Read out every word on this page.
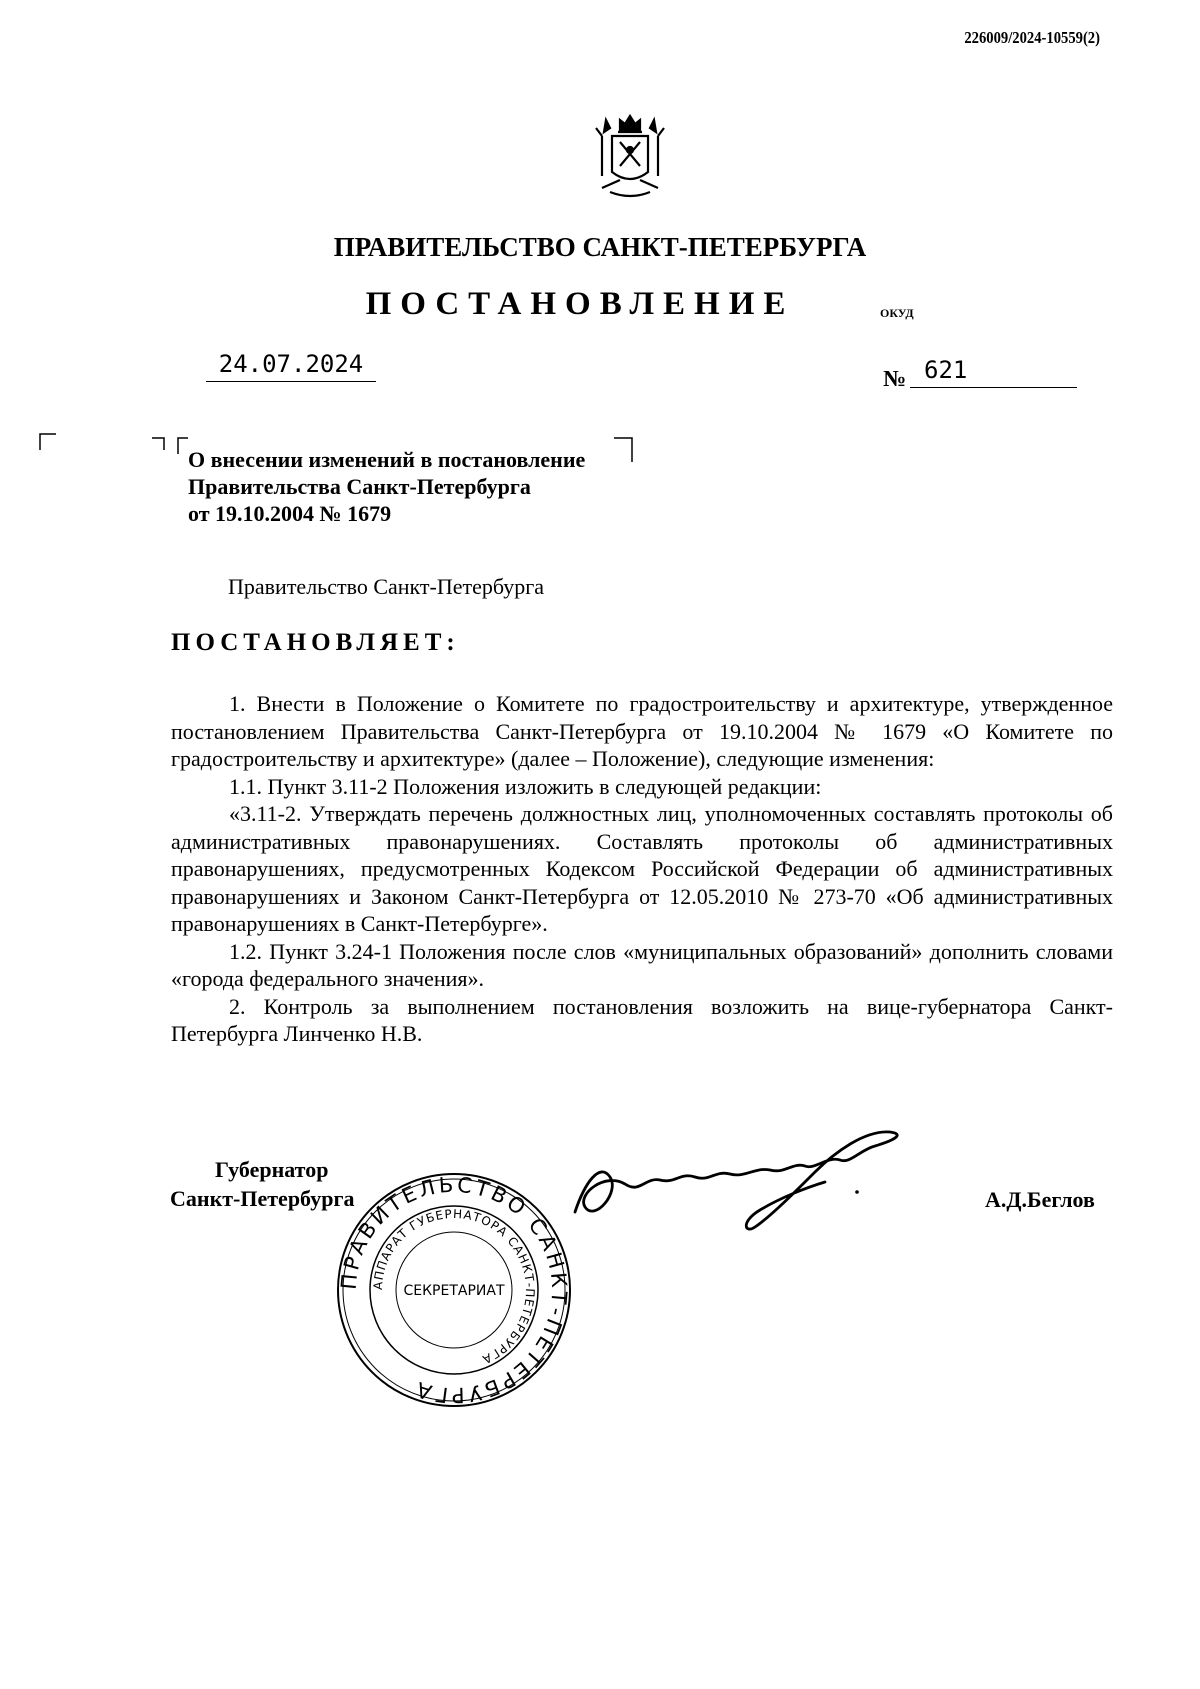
226009/2024-10559(2)
ПРАВИТЕЛЬСТВО САНКТ-ПЕТЕРБУРГА
ПОСТАНОВЛЕНИЕ	ОКУД
24.07.2024
№ 621
О внесении изменений в постановление
Правительства Санкт-Петербурга
от 19.10.2004 № 1679
Правительство Санкт-Петербурга
ПОСТАНОВЛЯЕТ:

1. Внести в Положение о Комитете по градостроительству и архитектуре, утвержденное постановлением Правительства Санкт-Петербурга от 19.10.2004 № 1679 «О Комитете по градостроительству и архитектуре» (далее – Положение), следующие изменения:

1.1. Пункт 3.11-2 Положения изложить в следующей редакции:

«3.11-2. Утверждать перечень должностных лиц, уполномоченных составлять протоколы об административных правонарушениях. Составлять протоколы об административных правонарушениях, предусмотренных Кодексом Российской Федерации об административных правонарушениях и Законом Санкт-Петербурга от 12.05.2010 № 273-70 «Об административных правонарушениях в Санкт-Петербурге».

1.2. Пункт 3.24-1 Положения после слов «муниципальных образований» дополнить словами «города федерального значения».

2. Контроль за выполнением постановления возложить на вице-губернатора Санкт-Петербурга Линченко Н.В.

Губернатор
Санкт-Петербурга
ПРАВИТЕЛЬСТВО САНКТ-ПЕТЕРБУРГА
АППАРАТ ГУБЕРНАТОРА САНКТ-ПЕТЕРБУРГА
СЕКРЕТАРИАТ
А.Д.Беглов
